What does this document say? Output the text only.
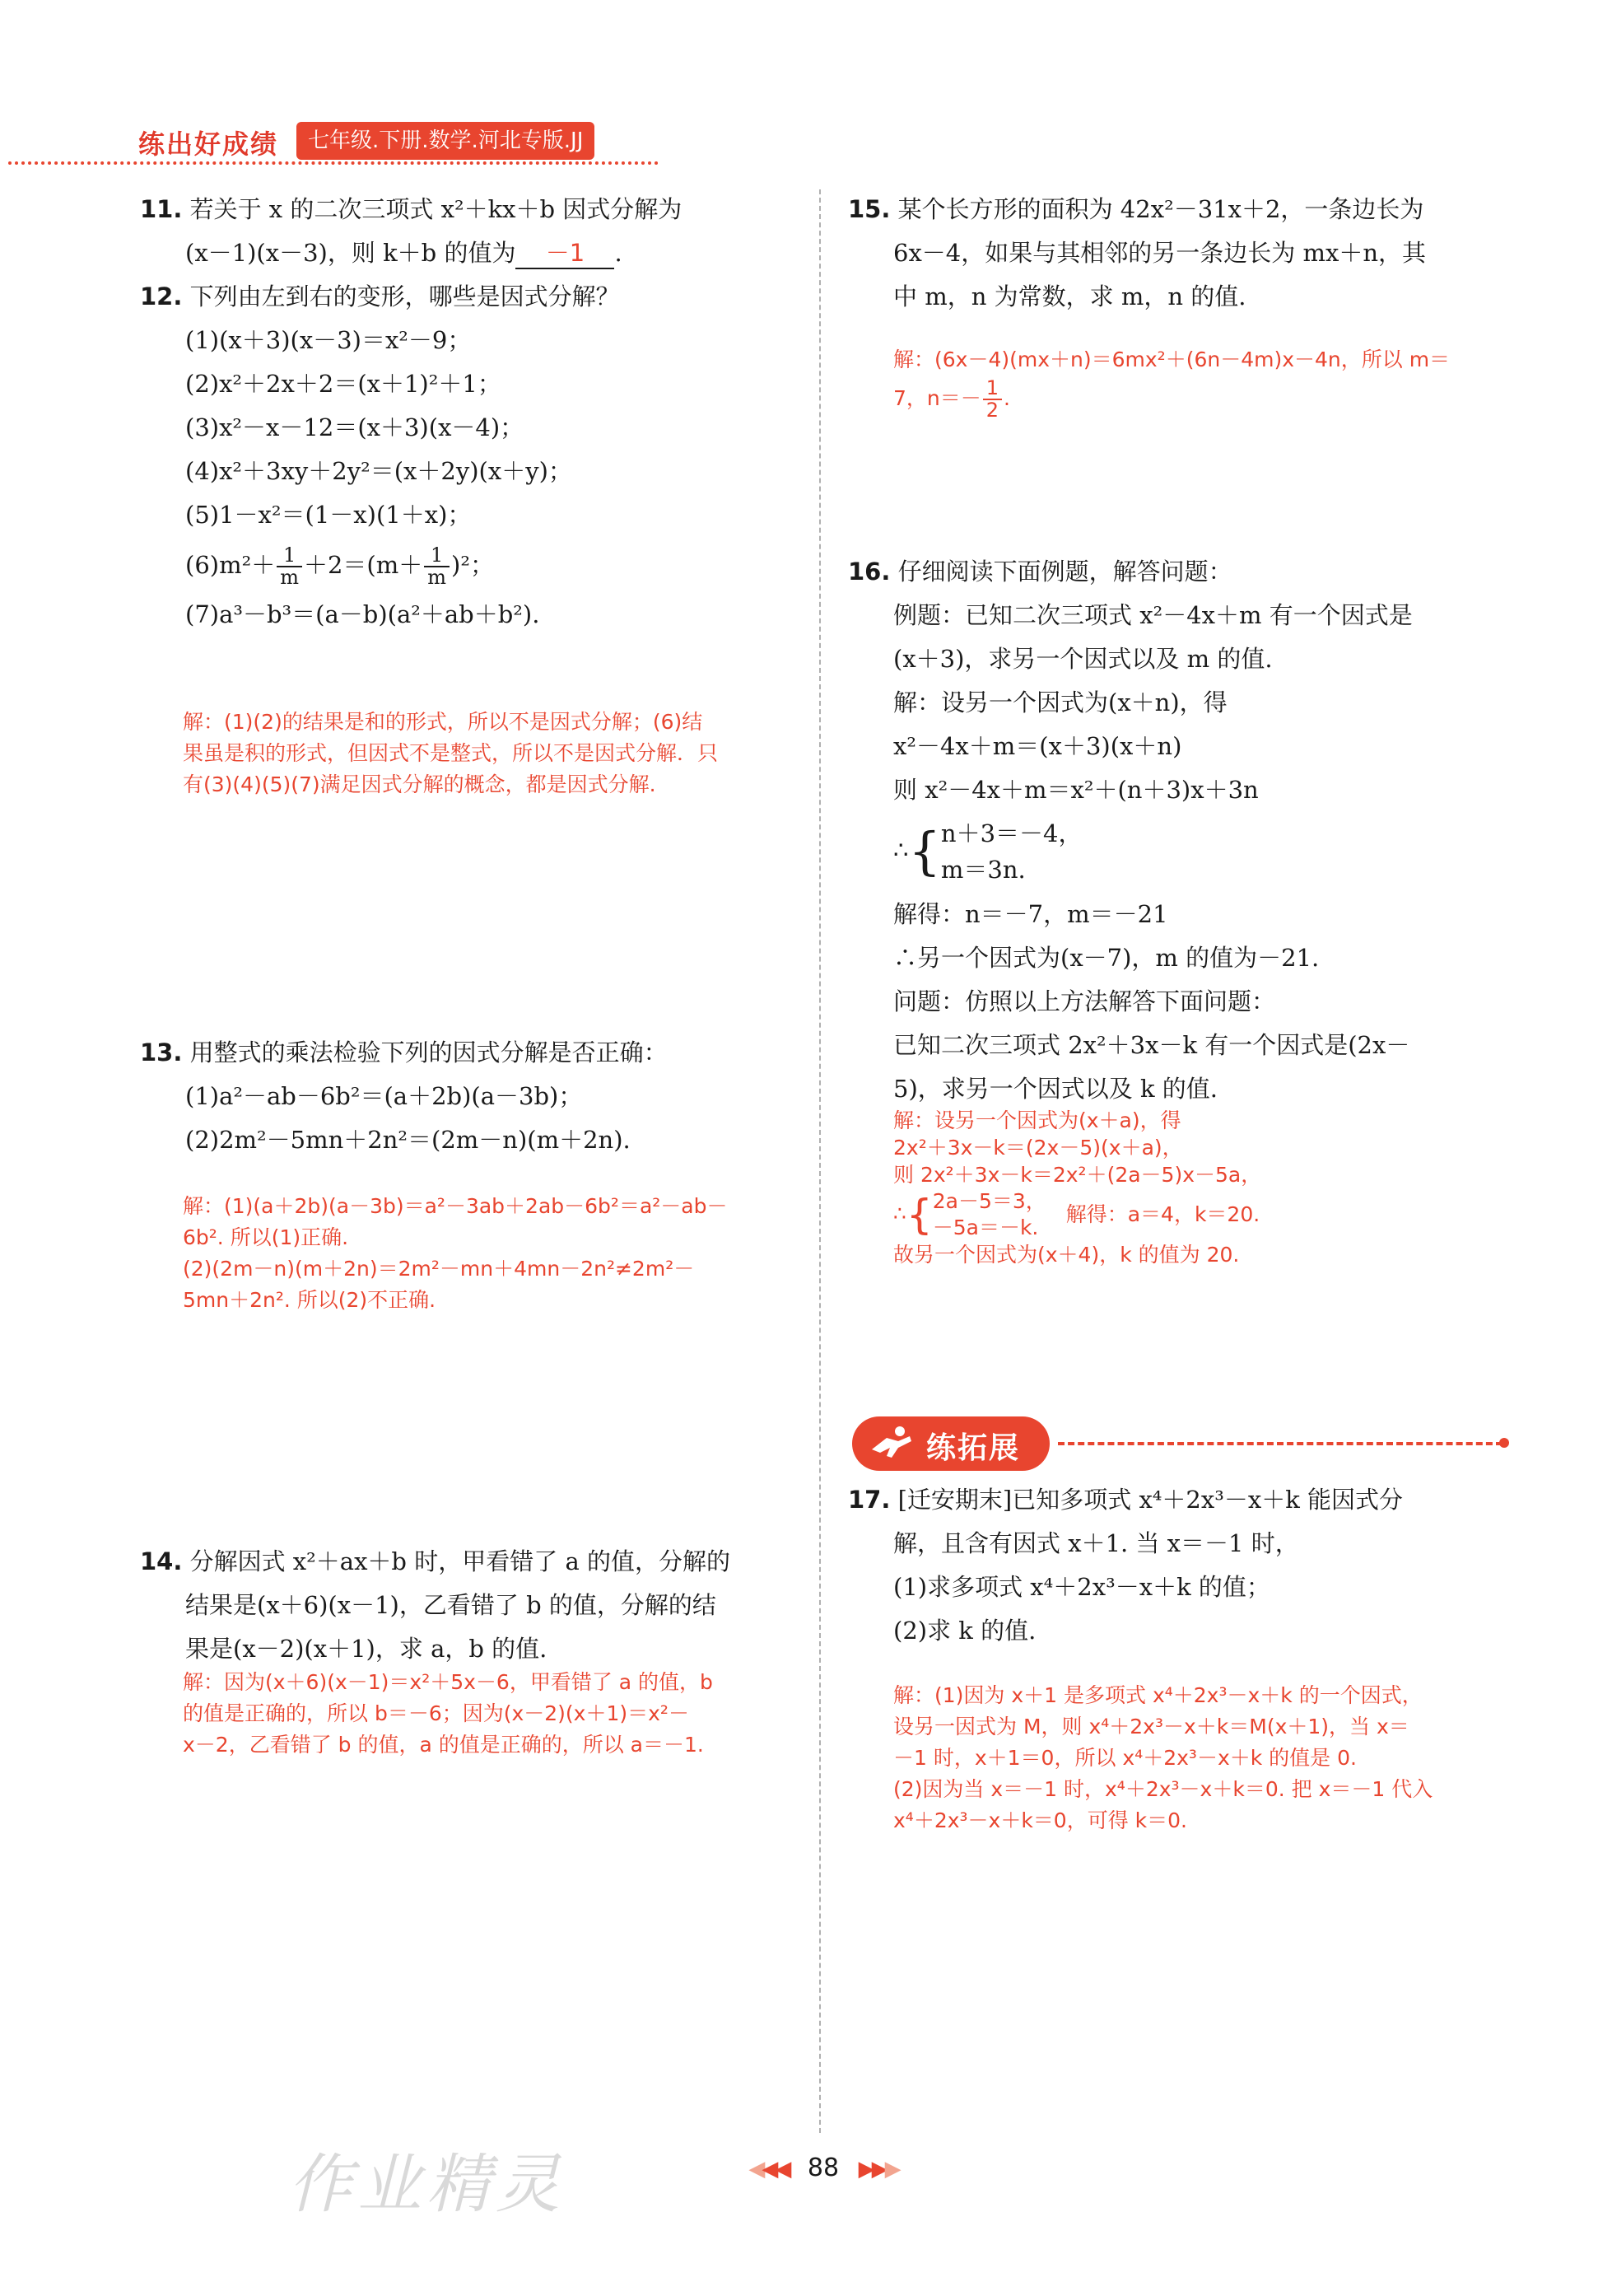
练出好成绩	七年级.下册.数学.河北专版.JJ
11. 若关于 x 的二次三项式 x²＋kx＋b 因式分解为
(x－1)(x－3)，则 k＋b 的值为 －1 .
12. 下列由左到右的变形，哪些是因式分解？
(1)(x＋3)(x－3)＝x²－9；
(2)x²＋2x＋2＝(x＋1)²＋1；
(3)x²－x－12＝(x＋3)(x－4)；
(4)x²＋3xy＋2y²＝(x＋2y)(x＋y)；
(5)1－x²＝(1－x)(1＋x)；
$(6)m^2+ \frac{1}{m} +2=(m+ \frac{1}{m} )^2$；
(7)a³－b³＝(a－b)(a²＋ab＋b²).
解：(1)(2)的结果是和的形式，所以不是因式分解；(6)结
果虽是积的形式，但因式不是整式，所以不是因式分解．只
有(3)(4)(5)(7)满足因式分解的概念，都是因式分解.
13. 用整式的乘法检验下列的因式分解是否正确：
(1)a²－ab－6b²＝(a＋2b)(a－3b)；
(2)2m²－5mn＋2n²＝(2m－n)(m＋2n).
解：(1)(a＋2b)(a－3b)＝a²－3ab＋2ab－6b²＝a²－ab－
6b². 所以(1)正确.
(2)(2m－n)(m＋2n)＝2m²－mn＋4mn－2n²≠2m²－
5mn＋2n². 所以(2)不正确.
14. 分解因式 x²＋ax＋b 时，甲看错了 a 的值，分解的
结果是(x＋6)(x－1)，乙看错了 b 的值，分解的结
果是(x－2)(x＋1)，求 a，b 的值.
解：因为(x＋6)(x－1)＝x²＋5x－6，甲看错了 a 的值，b
的值是正确的，所以 b＝－6；因为(x－2)(x＋1)＝x²－
x－2，乙看错了 b 的值，a 的值是正确的，所以 a＝－1.
15. 某个长方形的面积为 42x²－31x＋2，一条边长为
6x－4，如果与其相邻的另一条边长为 mx＋n，其
中 m，n 为常数，求 m，n 的值.
解：(6x－4)(mx＋n)＝6mx²＋(6n－4m)x－4n，所以 m＝
7，$n=- \frac{1}{2}$ .
16. 仔细阅读下面例题，解答问题：
例题：已知二次三项式 x²－4x＋m 有一个因式是
(x＋3)，求另一个因式以及 m 的值.
解：设另一个因式为(x＋n)，得
x²－4x＋m＝(x＋3)(x＋n)
则 x²－4x＋m＝x²＋(n＋3)x＋3n
∴{ n＋3＝－4，
m＝3n.
解得：n＝－7，m＝－21
∴另一个因式为(x－7)，m 的值为－21.
问题：仿照以上方法解答下面问题：
已知二次三项式 2x²＋3x－k 有一个因式是(2x－
5)，求另一个因式以及 k 的值.
解：设另一个因式为(x＋a)，得
2x²＋3x－k＝(2x－5)(x＋a)，
则 2x²＋3x－k＝2x²＋(2a－5)x－5a，
∴{ 2a－5＝3，
－5a＝－k.
解得：a＝4，k＝20.
故另一个因式为(x＋4)，k 的值为 20.
练拓展
17. [迁安期末]已知多项式 x⁴＋2x³－x＋k 能因式分
解，且含有因式 x＋1. 当 x＝－1 时，
(1)求多项式 x⁴＋2x³－x＋k 的值；
(2)求 k 的值.
解：(1)因为 x＋1 是多项式 x⁴＋2x³－x＋k 的一个因式，
设另一因式为 M，则 x⁴＋2x³－x＋k＝M(x＋1)，当 x＝
－1 时，x＋1＝0，所以 x⁴＋2x³－x＋k 的值是 0.
(2)因为当 x＝－1 时，x⁴＋2x³－x＋k＝0. 把 x＝－1 代入
x⁴＋2x³－x＋k＝0，可得 k＝0.
作业精灵	◀◀◀ 88 ▶▶▶
